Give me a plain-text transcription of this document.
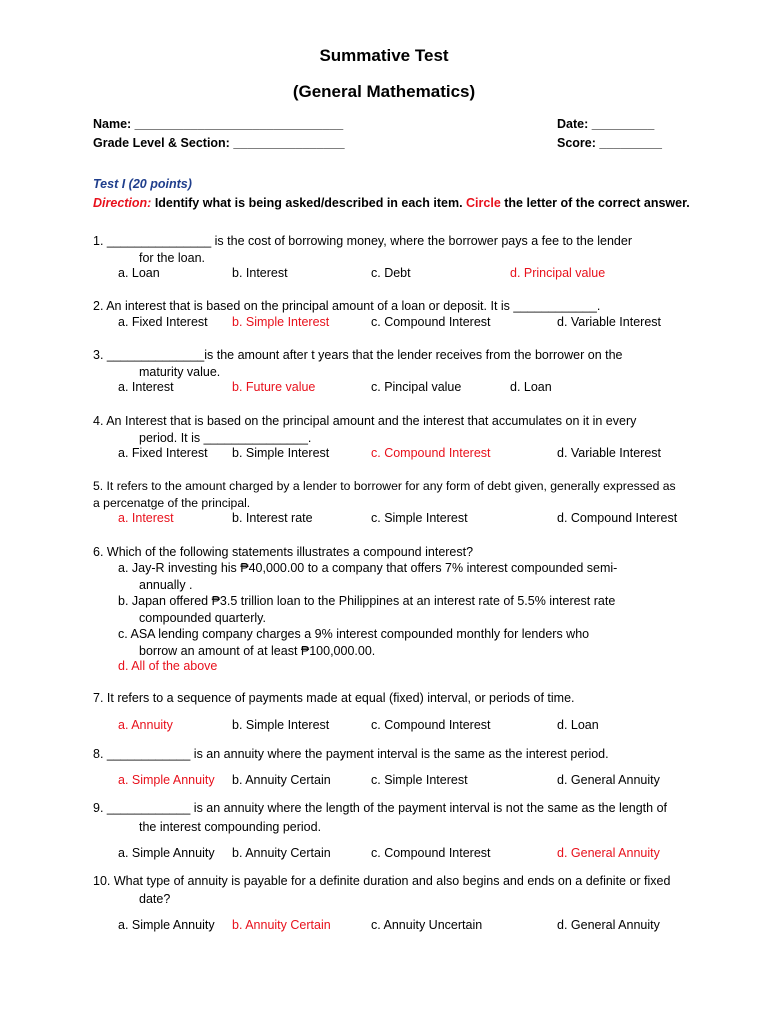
Summative Test
(General Mathematics)
Name: ______________________________
Grade Level & Section: ________________
Date: _________
Score: _________
Test I (20 points)
Direction: Identify what is being asked/described in each item. Circle the letter of the correct answer.
1. _______________ is the cost of borrowing money, where the borrower pays a fee to the lender
for the loan.
a. Loan	b. Interest	c. Debt	d. Principal value
2. An interest that is based on the principal amount of a loan or deposit. It is ____________.
a. Fixed Interest b. Simple Interest	c. Compound Interest	d. Variable Interest
3. ______________is the amount after t years that the lender receives from the borrower on the
maturity value.
a. Interest	b. Future value	c. Pincipal value	d. Loan
4. An Interest that is based on the principal amount and the interest that accumulates on it in every
period. It is _______________.
a. Fixed Interest b. Simple Interest	c. Compound Interest	d. Variable Interest
5. It refers to the amount charged by a lender to borrower for any form of debt given, generally expressed as
a percenatge of the principal.
a. Interest	b. Interest rate	c. Simple Interest	d. Compound Interest
6. Which of the following statements illustrates a compound interest?
a. Jay-R investing his ₱40,000.00 to a company that offers 7% interest compounded semi-
annually .
b. Japan offered ₱3.5 trillion loan to the Philippines at an interest rate of 5.5% interest rate
compounded quarterly.
c. ASA lending company charges a 9% interest compounded monthly for lenders who
borrow an amount of at least ₱100,000.00.
d. All of the above
7. It refers to a sequence of payments made at equal (fixed) interval, or periods of time.
a. Annuity	b. Simple Interest	c. Compound Interest	d. Loan
8. ____________ is an annuity where the payment interval is the same as the interest period.
a. Simple Annuity b. Annuity Certain	c. Simple Interest	d. General Annuity
9. ____________ is an annuity where the length of the payment interval is not the same as the length of
the interest compounding period.
a. Simple Annuity b. Annuity Certain	c. Compound Interest	d. General Annuity
10. What type of annuity is payable for a definite duration and also begins and ends on a definite or fixed
date?
a. Simple Annuity b. Annuity Certain	c. Annuity Uncertain	d. General Annuity
